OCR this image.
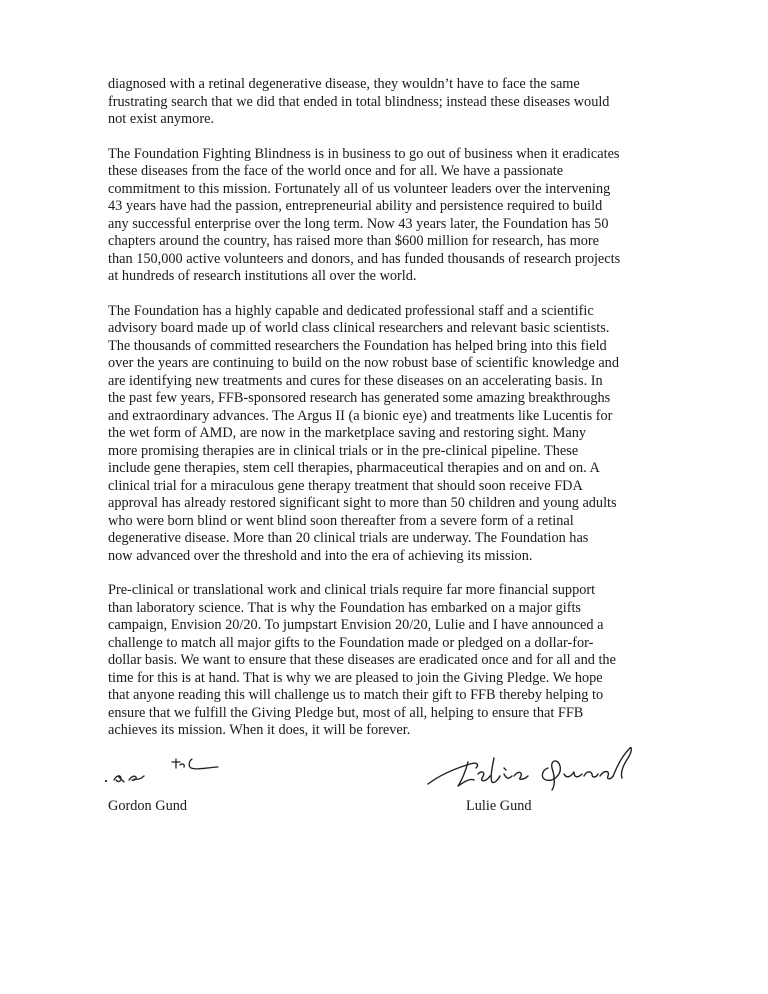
diagnosed with a retinal degenerative disease, they wouldn’t have to face the same
frustrating search that we did that ended in total blindness; instead these diseases would
not exist anymore.

The Foundation Fighting Blindness is in business to go out of business when it eradicates
these diseases from the face of the world once and for all. We have a passionate
commitment to this mission. Fortunately all of us volunteer leaders over the intervening
43 years have had the passion, entrepreneurial ability and persistence required to build
any successful enterprise over the long term. Now 43 years later, the Foundation has 50
chapters around the country, has raised more than $600 million for research, has more
than 150,000 active volunteers and donors, and has funded thousands of research projects
at hundreds of research institutions all over the world.

The Foundation has a highly capable and dedicated professional staff and a scientific
advisory board made up of world class clinical researchers and relevant basic scientists.
The thousands of committed researchers the Foundation has helped bring into this field
over the years are continuing to build on the now robust base of scientific knowledge and
are identifying new treatments and cures for these diseases on an accelerating basis. In
the past few years, FFB-sponsored research has generated some amazing breakthroughs
and extraordinary advances. The Argus II (a bionic eye) and treatments like Lucentis for
the wet form of AMD, are now in the marketplace saving and restoring sight. Many
more promising therapies are in clinical trials or in the pre-clinical pipeline. These
include gene therapies, stem cell therapies, pharmaceutical therapies and on and on. A
clinical trial for a miraculous gene therapy treatment that should soon receive FDA
approval has already restored significant sight to more than 50 children and young adults
who were born blind or went blind soon thereafter from a severe form of a retinal
degenerative disease. More than 20 clinical trials are underway. The Foundation has
now advanced over the threshold and into the era of achieving its mission.

Pre-clinical or translational work and clinical trials require far more financial support
than laboratory science. That is why the Foundation has embarked on a major gifts
campaign, Envision 20/20. To jumpstart Envision 20/20, Lulie and I have announced a
challenge to match all major gifts to the Foundation made or pledged on a dollar-for-
dollar basis. We want to ensure that these diseases are eradicated once and for all and the
time for this is at hand. That is why we are pleased to join the Giving Pledge. We hope
that anyone reading this will challenge us to match their gift to FFB thereby helping to
ensure that we fulfill the Giving Pledge but, most of all, helping to ensure that FFB
achieves its mission. When it does, it will be forever.

Gordon Gund	Lulie Gund
